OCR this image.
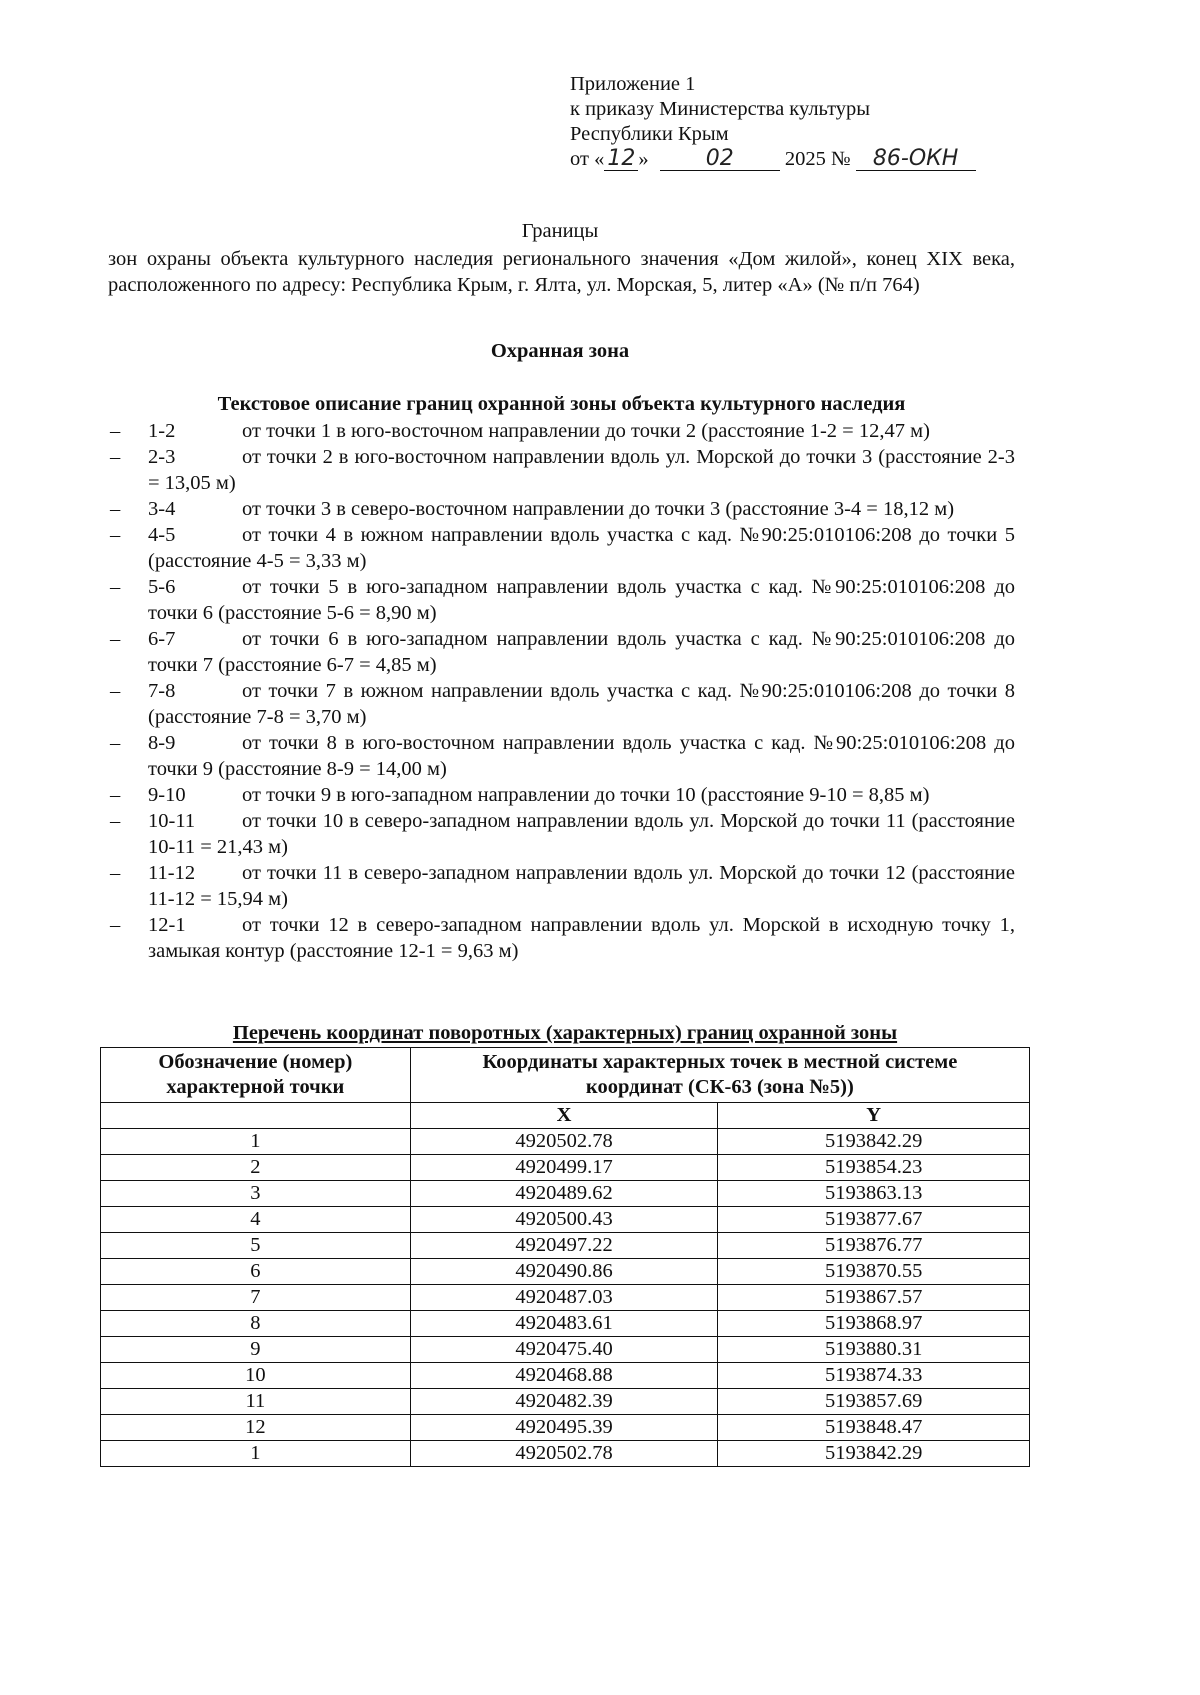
Приложение 1
к приказу Министерства культуры
Республики Крым
от « 12 »	02 2025 № 86-ОКН
Границы
зон охраны объекта культурного наследия регионального значения «Дом жилой», конец XIX века, расположенного по адресу: Республика Крым, г. Ялта, ул. Морская, 5, литер «А» (№ п/п 764)
Охранная зона
Текстовое описание границ охранной зоны объекта культурного наследия
– 1-2	от точки 1 в юго-восточном направлении до точки 2 (расстояние 1-2 = 12,47 м)
– 2-3	от точки 2 в юго-восточном направлении вдоль ул. Морской до точки 3 (расстояние 2-3 = 13,05 м)
– 3-4	от точки 3 в северо-восточном направлении до точки 3 (расстояние 3-4 = 18,12 м)
– 4-5	от точки 4 в южном направлении вдоль участка с кад. №90:25:010106:208 до точки 5 (расстояние 4-5 = 3,33 м)
– 5-6	от точки 5 в юго-западном направлении вдоль участка с кад. №90:25:010106:208 до точки 6 (расстояние 5-6 = 8,90 м)
– 6-7	от точки 6 в юго-западном направлении вдоль участка с кад. №90:25:010106:208 до точки 7 (расстояние 6-7 = 4,85 м)
– 7-8	от точки 7 в южном направлении вдоль участка с кад. №90:25:010106:208 до точки 8 (расстояние 7-8 = 3,70 м)
– 8-9	от точки 8 в юго-восточном направлении вдоль участка с кад. №90:25:010106:208 до точки 9 (расстояние 8-9 = 14,00 м)
– 9-10	от точки 9 в юго-западном направлении до точки 10 (расстояние 9-10 = 8,85 м)
– 10-11 от точки 10 в северо-западном направлении вдоль ул. Морской до точки 11 (расстояние 10-11 = 21,43 м)
– 11-12 от точки 11 в северо-западном направлении вдоль ул. Морской до точки 12 (расстояние 11-12 = 15,94 м)
– 12-1	от точки 12 в северо-западном направлении вдоль ул. Морской в исходную точку 1, замыкая контур (расстояние 12-1 = 9,63 м)
Перечень координат поворотных (характерных) границ охранной зоны
Обозначение (номер) характерной точки	Координаты характерных точек в местной системе координат (СК-63 (зона №5))	
	X	Y
1	4920502.78	5193842.29
2	4920499.17	5193854.23
3	4920489.62	5193863.13
4	4920500.43	5193877.67
5	4920497.22	5193876.77
6	4920490.86	5193870.55
7	4920487.03	5193867.57
8	4920483.61	5193868.97
9	4920475.40	5193880.31
10	4920468.88	5193874.33
11	4920482.39	5193857.69
12	4920495.39	5193848.47
1	4920502.78	5193842.29
